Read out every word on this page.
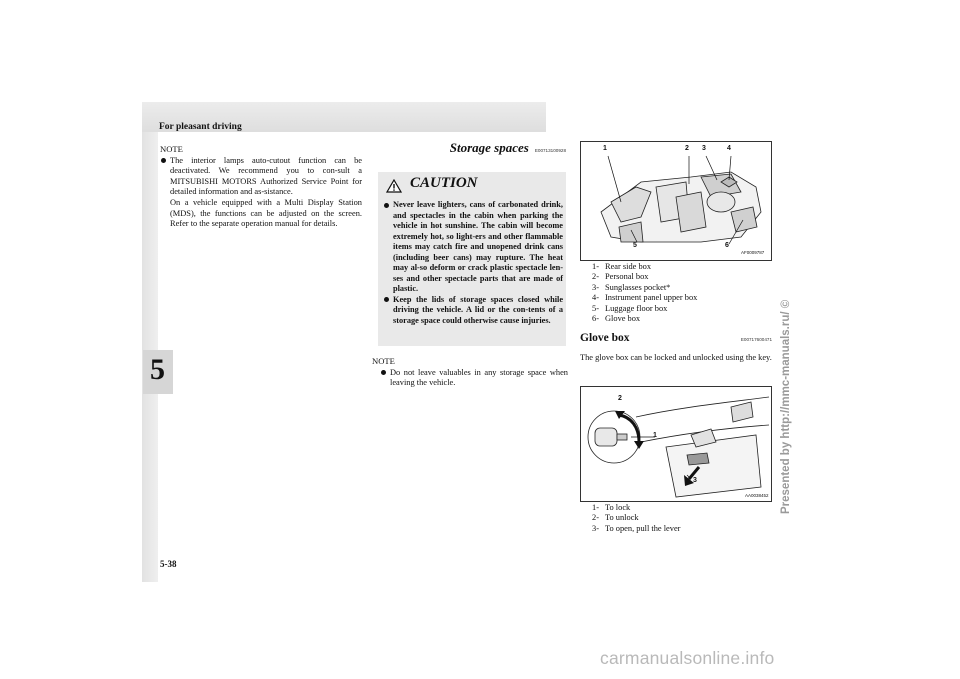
For pleasant driving
5
NOTE
The interior lamps auto-cutout function can be deactivated. We recommend you to con-sult a MITSUBISHI MOTORS Authorized Service Point for detailed information and as-sistance.
On a vehicle equipped with a Multi Display Station (MDS), the functions can be adjusted on the screen. Refer to the separate operation manual for details.
Storage spaces E00713100928
CAUTION
Never leave lighters, cans of carbonated drink, and spectacles in the cabin when parking the vehicle in hot sunshine. The cabin will become extremely hot, so light-ers and other flammable items may catch fire and unopened drink cans (including beer cans) may rupture. The heat may al-so deform or crack plastic spectacle len-ses and other spectacle parts that are made of plastic.
Keep the lids of storage spaces closed while driving the vehicle. A lid or the con-tents of a storage space could otherwise cause injuries.
NOTE
Do not leave valuables in any storage space when leaving the vehicle.
1	2 3	4
5	6
AF0009787
1- Rear side box
2- Personal box
3- Sunglasses pocket*
4- Instrument panel upper box
5- Luggage floor box
6- Glove box
Glove box	E00717600471
The glove box can be locked and unlocked using the key.
2
1
3
AA0038452
1- To lock
2- To unlock
3- To open, pull the lever
5-38
Presented by http://mmc-manuals.ru/ ©
carmanualsonline.info
